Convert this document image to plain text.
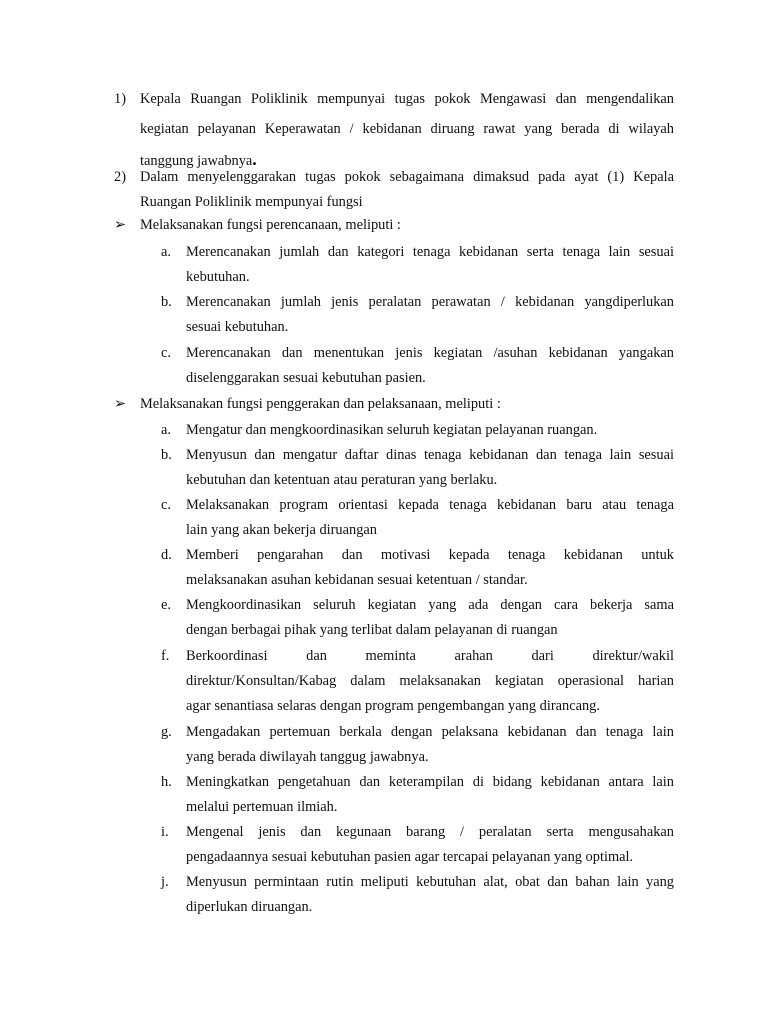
1) Kepala Ruangan Poliklinik mempunyai tugas pokok Mengawasi dan mengendalikan
kegiatan pelayanan Keperawatan / kebidanan diruang rawat yang berada di wilayah
tanggung jawabnya.
2) Dalam menyelenggarakan tugas pokok sebagaimana dimaksud pada ayat (1) Kepala
Ruangan Poliklinik mempunyai fungsi
➢ Melaksanakan fungsi perencanaan, meliputi :
a. Merencanakan jumlah dan kategori tenaga kebidanan serta tenaga lain sesuai
kebutuhan.
b. Merencanakan jumlah jenis peralatan perawatan / kebidanan yangdiperlukan
sesuai kebutuhan.
c. Merencanakan dan menentukan jenis kegiatan /asuhan kebidanan yangakan
diselenggarakan sesuai kebutuhan pasien.
➢ Melaksanakan fungsi penggerakan dan pelaksanaan, meliputi :
a. Mengatur dan mengkoordinasikan seluruh kegiatan pelayanan ruangan.
b. Menyusun dan mengatur daftar dinas tenaga kebidanan dan tenaga lain sesuai
kebutuhan dan ketentuan atau peraturan yang berlaku.
c. Melaksanakan program orientasi kepada tenaga kebidanan baru atau tenaga
lain yang akan bekerja diruangan
d. Memberi pengarahan dan motivasi kepada tenaga kebidanan untuk
melaksanakan asuhan kebidanan sesuai ketentuan / standar.
e. Mengkoordinasikan seluruh kegiatan yang ada dengan cara bekerja sama
dengan berbagai pihak yang terlibat dalam pelayanan di ruangan
f. Berkoordinasi dan meminta arahan dari direktur/wakil
direktur/Konsultan/Kabag dalam melaksanakan kegiatan operasional harian
agar senantiasa selaras dengan program pengembangan yang dirancang.
g. Mengadakan pertemuan berkala dengan pelaksana kebidanan dan tenaga lain
yang berada diwilayah tanggug jawabnya.
h. Meningkatkan pengetahuan dan keterampilan di bidang kebidanan antara lain
melalui pertemuan ilmiah.
i. Mengenal jenis dan kegunaan barang / peralatan serta mengusahakan
pengadaannya sesuai kebutuhan pasien agar tercapai pelayanan yang optimal.
j. Menyusun permintaan rutin meliputi kebutuhan alat, obat dan bahan lain yang
diperlukan diruangan.
